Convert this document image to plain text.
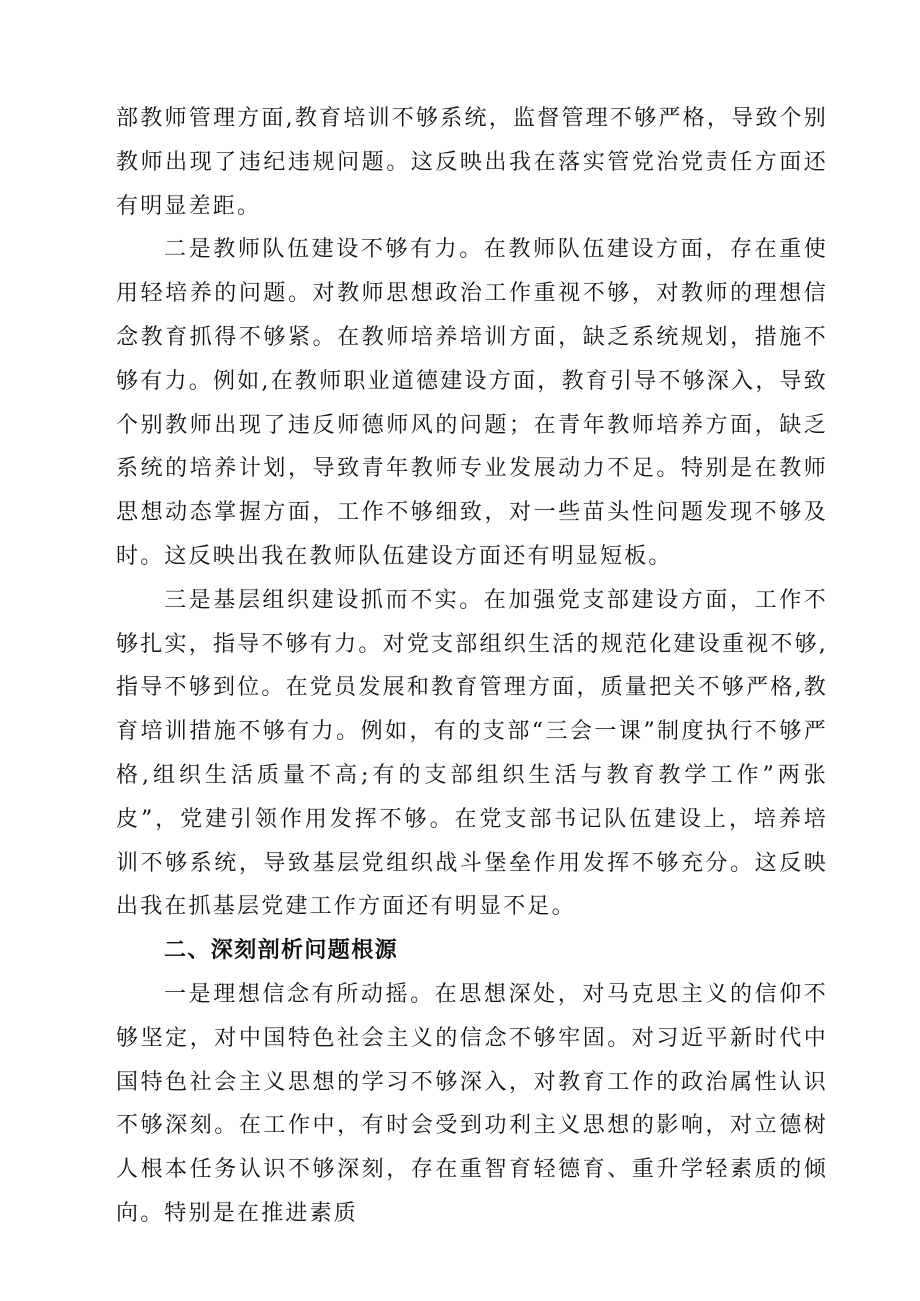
部教师管理方面,教育培训不够系统，监督管理不够严格，导致个别教师出现了违纪违规问题。这反映出我在落实管党治党责任方面还有明显差距。

二是教师队伍建设不够有力。在教师队伍建设方面，存在重使用轻培养的问题。对教师思想政治工作重视不够，对教师的理想信念教育抓得不够紧。在教师培养培训方面，缺乏系统规划，措施不够有力。例如,在教师职业道德建设方面，教育引导不够深入，导致个别教师出现了违反师德师风的问题；在青年教师培养方面，缺乏系统的培养计划，导致青年教师专业发展动力不足。特别是在教师思想动态掌握方面，工作不够细致，对一些苗头性问题发现不够及时。这反映出我在教师队伍建设方面还有明显短板。

三是基层组织建设抓而不实。在加强党支部建设方面，工作不够扎实，指导不够有力。对党支部组织生活的规范化建设重视不够,指导不够到位。在党员发展和教育管理方面，质量把关不够严格,教育培训措施不够有力。例如，有的支部“三会一课”制度执行不够严格,组织生活质量不高;有的支部组织生活与教育教学工作”两张皮”，党建引领作用发挥不够。在党支部书记队伍建设上，培养培训不够系统，导致基层党组织战斗堡垒作用发挥不够充分。这反映出我在抓基层党建工作方面还有明显不足。

二、深刻剖析问题根源

一是理想信念有所动摇。在思想深处，对马克思主义的信仰不够坚定，对中国特色社会主义的信念不够牢固。对习近平新时代中国特色社会主义思想的学习不够深入，对教育工作的政治属性认识不够深刻。在工作中，有时会受到功利主义思想的影响，对立德树人根本任务认识不够深刻，存在重智育轻德育、重升学轻素质的倾向。特别是在推进素质
